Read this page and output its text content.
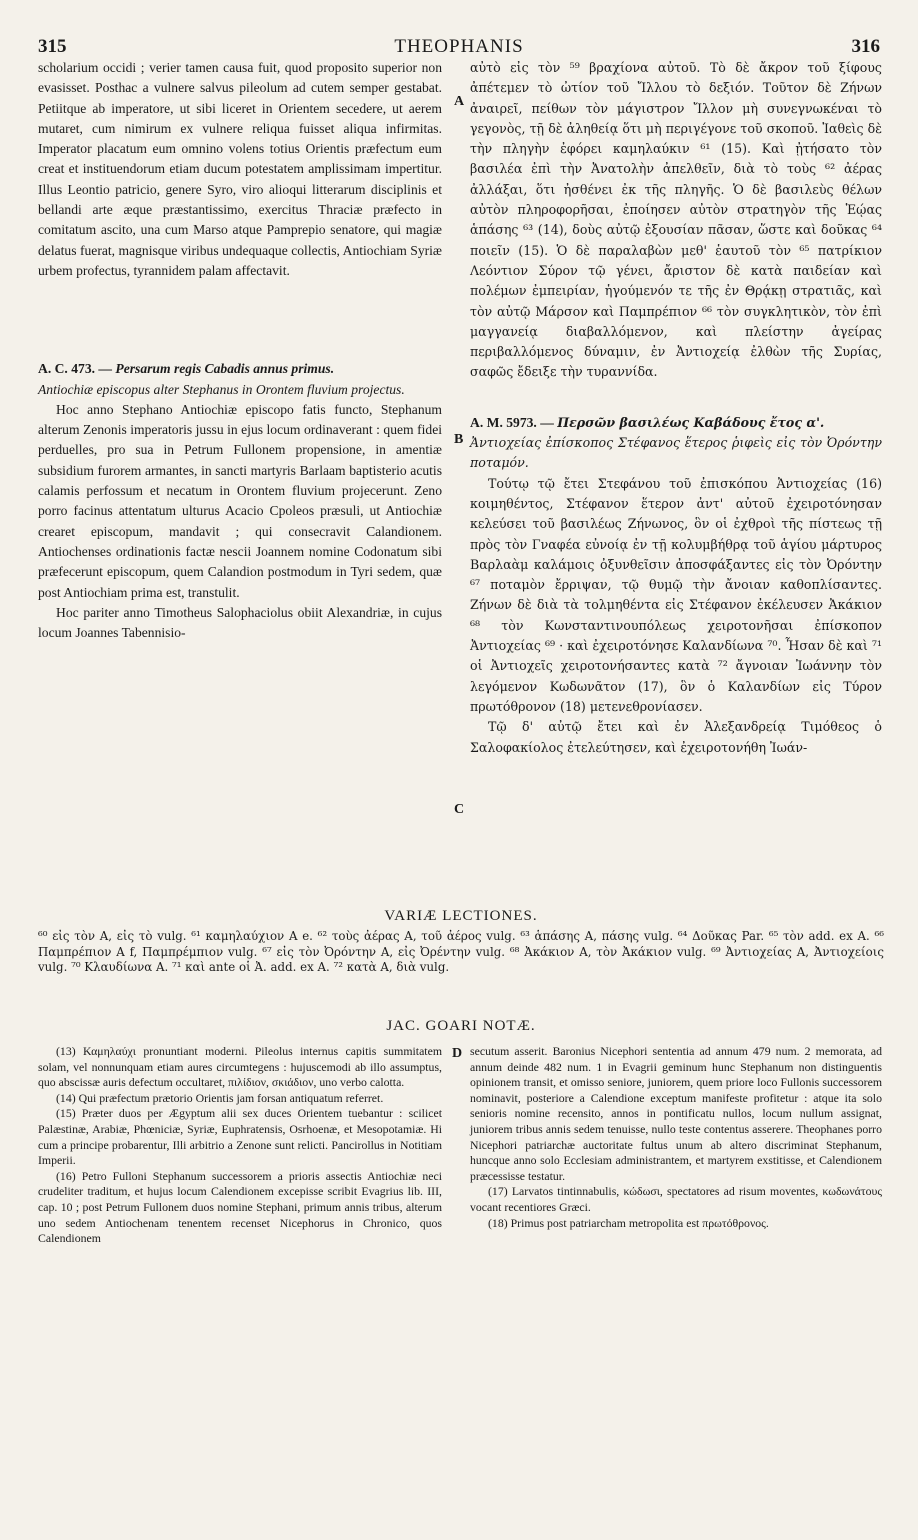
315	THEOPHANIS	316
A
B
C

scholarium occidi ; verier tamen causa fuit, quod proposito superior non evasisset. Posthac a vulnere salvus pileolum ad cutem semper gestabat. Petiitque ab imperatore, ut sibi liceret in Orientem secedere, ut aerem mutaret, cum nimirum ex vulnere reliqua fuisset aliqua infirmitas. Imperator placatum eum omnino volens totius Orientis præfectum eum creat et instituendorum etiam ducum potestatem amplissimam impertitur. Illus Leontio patricio, genere Syro, viro alioqui litterarum disciplinis et bellandi arte æque præstantissimo, exercitus Thraciæ præfecto in comitatum ascito, una cum Marso atque Pamprepio senatore, qui magiæ delatus fuerat, magnisque viribus undequaque collectis, Antiochiam Syriæ urbem profectus, tyrannidem palam affectavit.

A. C. 473. — Persarum regis Cabadis annus primus.

Antiochiæ episcopus alter Stephanus in Orontem fluvium projectus.

Hoc anno Stephano Antiochiæ episcopo fatis functo, Stephanum alterum Zenonis imperatoris jussu in ejus locum ordinaverant : quem fidei perduelles, pro sua in Petrum Fullonem propensione, in amentiæ subsidium furorem armantes, in sancti martyris Barlaam baptisterio acutis calamis perfossum et necatum in Orontem fluvium projecerunt. Zeno porro facinus attentatum ulturus Acacio Cpoleos præsuli, ut Antiochiæ crearet episcopum, mandavit ; qui consecravit Calandionem. Antiochenses ordinationis factæ nescii Joannem nomine Codonatum sibi præfecerunt episcopum, quem Calandion postmodum in Tyri sedem, quæ post Antiochiam prima est, transtulit.

Hoc pariter anno Timotheus Salophaciolus obiit Alexandriæ, in cujus locum Joannes Tabennisio-

αὐτὸ εἰς τὸν ⁵⁹ βραχίονα αὐτοῦ. Τὸ δὲ ἄκρον τοῦ ξίφους ἀπέτεμεν τὸ ὠτίον τοῦ Ἴλλου τὸ δεξιόν. Τοῦτον δὲ Ζήνων ἀναιρεῖ, πείθων τὸν μάγιστρον Ἴλλον μὴ συνεγνωκέναι τὸ γεγονὸς, τῇ δὲ ἀληθείᾳ ὅτι μὴ περιγέγονε τοῦ σκοποῦ. Ἰαθεὶς δὲ τὴν πληγὴν ἐφόρει καμηλαύκιν ⁶¹ (15). Καὶ ᾐτήσατο τὸν βασιλέα ἐπὶ τὴν Ἀνατολὴν ἀπελθεῖν, διὰ τὸ τοὺς ⁶² ἀέρας ἀλλάξαι, ὅτι ἠσθένει ἐκ τῆς πληγῆς. Ὁ δὲ βασιλεὺς θέλων αὐτὸν πληροφορῆσαι, ἐποίησεν αὐτὸν στρατηγὸν τῆς Ἑῴας ἁπάσης ⁶³ (14), δοὺς αὐτῷ ἐξουσίαν πᾶσαν, ὥστε καὶ δοῦκας ⁶⁴ ποιεῖν (15). Ὁ δὲ παραλαβὼν μεθ' ἑαυτοῦ τὸν ⁶⁵ πατρίκιον Λεόντιον Σύρον τῷ γένει, ἄριστον δὲ κατὰ παιδείαν καὶ πολέμων ἐμπειρίαν, ἡγούμενόν τε τῆς ἐν Θρᾴκῃ στρατιᾶς, καὶ τὸν αὐτῷ Μάρσον καὶ Παμπρέπιον ⁶⁶ τὸν συγκλητικὸν, τὸν ἐπὶ μαγγανείᾳ διαβαλλόμενον, καὶ πλείστην ἀγείρας περιβαλλόμενος δύναμιν, ἐν Ἀντιοχείᾳ ἐλθὼν τῆς Συρίας, σαφῶς ἔδειξε τὴν τυραννίδα.

A. M. 5973. — Περσῶν βασιλέως Καβάδους ἔτος α'.

Ἀντιοχείας ἐπίσκοπος Στέφανος ἕτερος ῥιφεὶς εἰς τὸν Ὀρόντην ποταμόν.

Τούτῳ τῷ ἔτει Στεφάνου τοῦ ἐπισκόπου Ἀντιοχείας (16) κοιμηθέντος, Στέφανον ἕτερον ἀντ' αὐτοῦ ἐχειροτόνησαν κελεύσει τοῦ βασιλέως Ζήνωνος, ὃν οἱ ἐχθροὶ τῆς πίστεως τῇ πρὸς τὸν Γναφέα εὐνοίᾳ ἐν τῇ κολυμβήθρᾳ τοῦ ἁγίου μάρτυρος Βαρλαὰμ καλάμοις ὀξυνθεῖσιν ἀποσφάξαντες εἰς τὸν Ὀρόντην ⁶⁷ ποταμὸν ἔρριψαν, τῷ θυμῷ τὴν ἄνοιαν καθοπλίσαντες. Ζήνων δὲ διὰ τὰ τολμηθέντα εἰς Στέφανον ἐκέλευσεν Ἀκάκιον ⁶⁸ τὸν Κωνσταντινουπόλεως χειροτονῆσαι ἐπίσκοπον Ἀντιοχείας ⁶⁹ · καὶ ἐχειροτόνησε Καλανδίωνα ⁷⁰. Ἦσαν δὲ καὶ ⁷¹ οἱ Ἀντιοχεῖς χειροτονήσαντες κατὰ ⁷² ἄγνοιαν Ἰωάννην τὸν λεγόμενον Κωδωνᾶτον (17), ὃν ὁ Καλανδίων εἰς Τύρον πρωτόθρονον (18) μετενεθρονίασεν.

Τῷ δ' αὐτῷ ἔτει καὶ ἐν Ἀλεξανδρείᾳ Τιμόθεος ὁ Σαλοφακίολος ἐτελεύτησεν, καὶ ἐχειροτονήθη Ἰωάν-

VARIÆ LECTIONES.

⁶⁰ εἰς τὸν A, εἰς τὸ vulg. ⁶¹ καμηλαύχιον A e. ⁶² τοὺς ἀέρας A, τοῦ ἀέρος vulg. ⁶³ ἁπάσης A, πάσης vulg. ⁶⁴ Δοῦκας Par. ⁶⁵ τὸν add. ex A. ⁶⁶ Παμπρέπιον A f, Παμπρέμπιον vulg. ⁶⁷ εἰς τὸν Ὀρόντην A, εἰς Ὀρέντην vulg. ⁶⁸ Ἀκάκιον A, τὸν Ἀκάκιον vulg. ⁶⁹ Ἀντιοχείας A, Ἀντιοχείοις vulg. ⁷⁰ Κλαυδίωνα A. ⁷¹ καὶ ante οἱ Ἀ. add. ex A. ⁷² κατὰ A, διὰ vulg.

JAC. GOARI NOTÆ.
D

(13) Καμηλαύχι pronuntiant moderni. Pileolus internus capitis summitatem solam, vel nonnunquam etiam aures circumtegens : hujuscemodi ab illo assumptus, quo abscissæ auris defectum occultaret, πιλίδιον, σκιάδιον, uno verbo calotta.

(14) Qui præfectum prætorio Orientis jam forsan antiquatum referret.

(15) Præter duos per Ægyptum alii sex duces Orientem tuebantur : scilicet Palæstinæ, Arabiæ, Phœniciæ, Syriæ, Euphratensis, Osrhoenæ, et Mesopotamiæ. Hi cum a principe probarentur, Illi arbitrio a Zenone sunt relicti. Pancirollus in Notitiam Imperii.

(16) Petro Fulloni Stephanum successorem a prioris assectis Antiochiæ neci crudeliter traditum, et hujus locum Calendionem excepisse scribit Evagrius lib. III, cap. 10 ; post Petrum Fullonem duos nomine Stephani, primum annis tribus, alterum uno sedem Antiochenam tenentem recenset Nicephorus in Chronico, quos Calendionem

secutum asserit. Baronius Nicephori sententia ad annum 479 num. 2 memorata, ad annum deinde 482 num. 1 in Evagrii geminum hunc Stephanum non distinguentis opinionem transit, et omisso seniore, juniorem, quem priore loco Fullonis successorem nominavit, posteriore a Calendione exceptum manifeste profitetur : atque ita solo senioris nomine recensito, annos in pontificatu nullos, locum nullum assignat, juniorem tribus annis sedem tenuisse, nullo teste contentus asserere. Theophanes porro Nicephori patriarchæ auctoritate fultus unum ab altero discriminat Stephanum, huncque anno solo Ecclesiam administrantem, et martyrem exstitisse, et Calendionem præcessisse testatur.

(17) Larvatos tintinnabulis, κώδωσι, spectatores ad risum moventes, κωδωνάτους vocant recentiores Græci.

(18) Primus post patriarcham metropolita est πρωτόθρονος.
